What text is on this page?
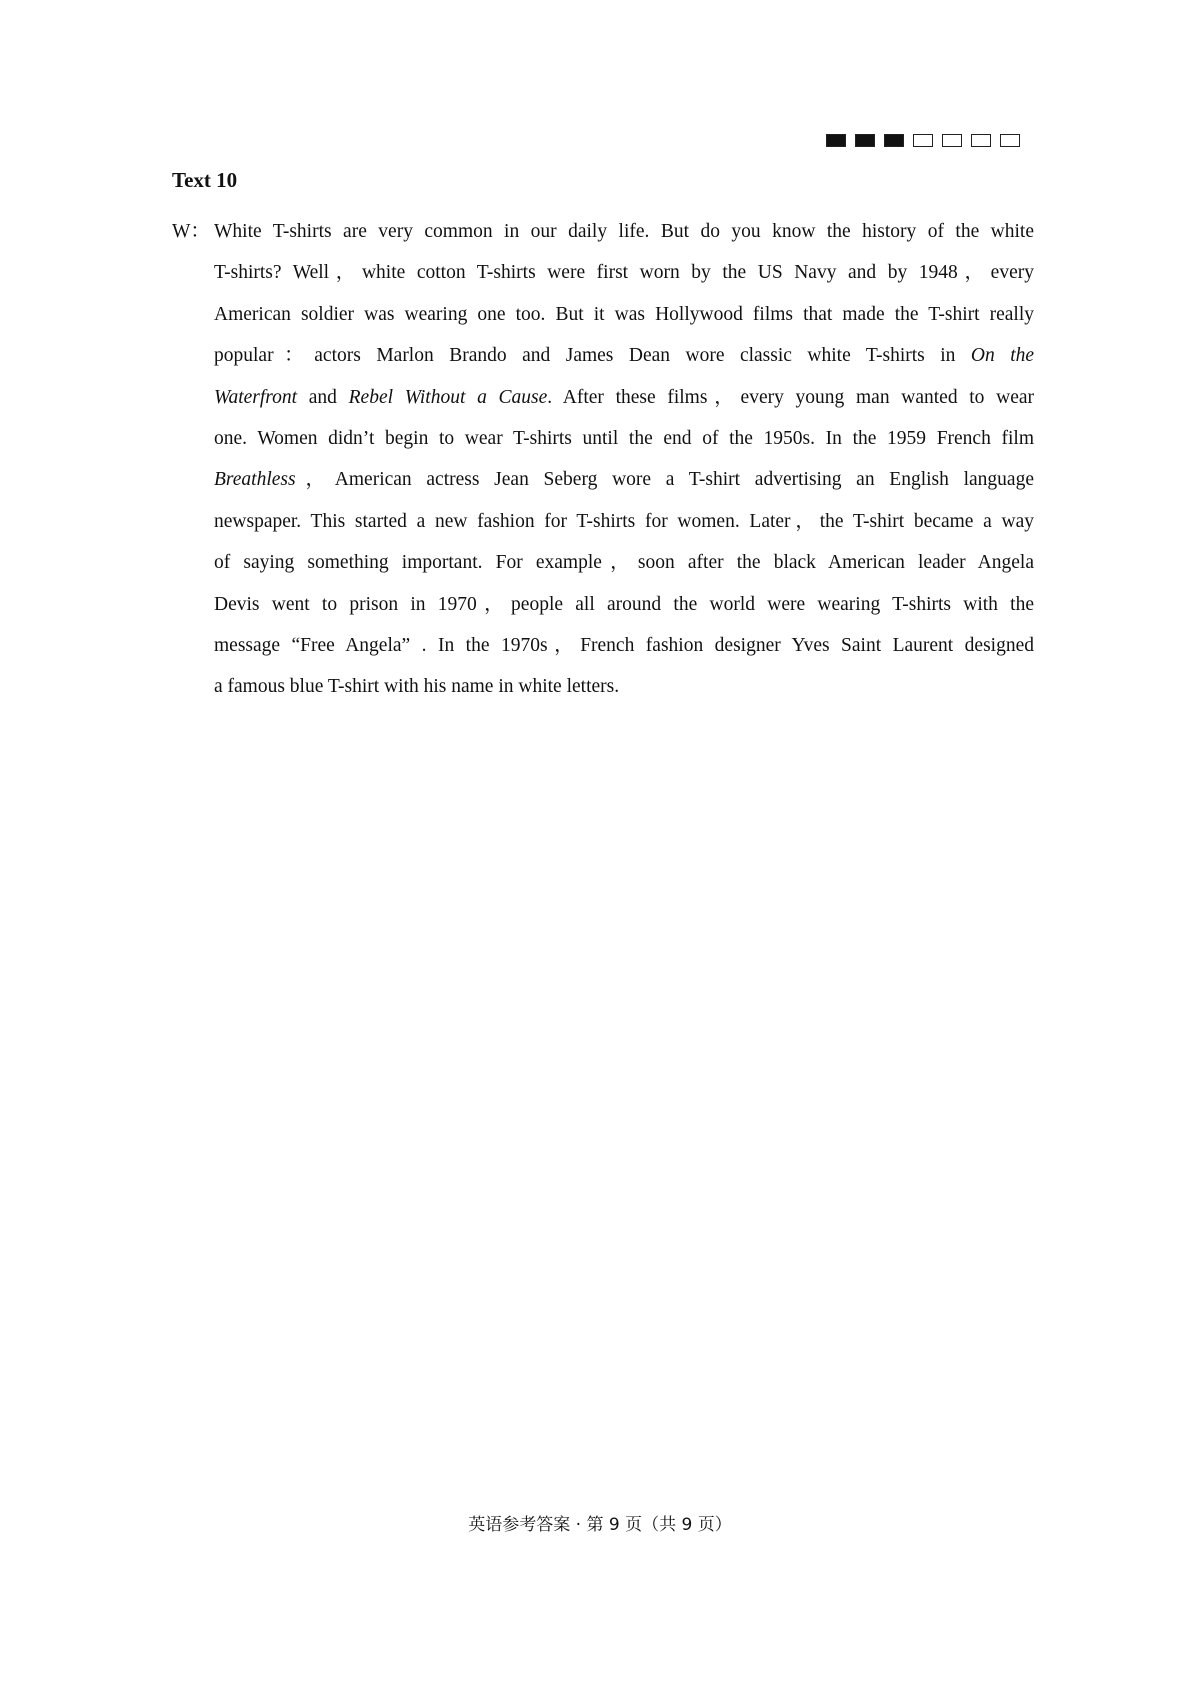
Text 10
W： White T-shirts are very common in our daily life. But do you know the history of the white
T-shirts? Well，white cotton T-shirts were first worn by the US Navy and by 1948，every
American soldier was wearing one too. But it was Hollywood films that made the T-shirt really
popular：actors Marlon Brando and James Dean wore classic white T-shirts in On the
Waterfront and Rebel Without a Cause. After these films，every young man wanted to wear
one. Women didn’t begin to wear T-shirts until the end of the 1950s. In the 1959 French film
Breathless，American actress Jean Seberg wore a T-shirt advertising an English language
newspaper. This started a new fashion for T-shirts for women. Later，the T-shirt became a way
of saying something important. For example，soon after the black American leader Angela
Devis went to prison in 1970，people all around the world were wearing T-shirts with the
message “Free Angela” . In the 1970s，French fashion designer Yves Saint Laurent designed
a famous blue T-shirt with his name in white letters.
英语参考答案 · 第 9 页（共 9 页）
